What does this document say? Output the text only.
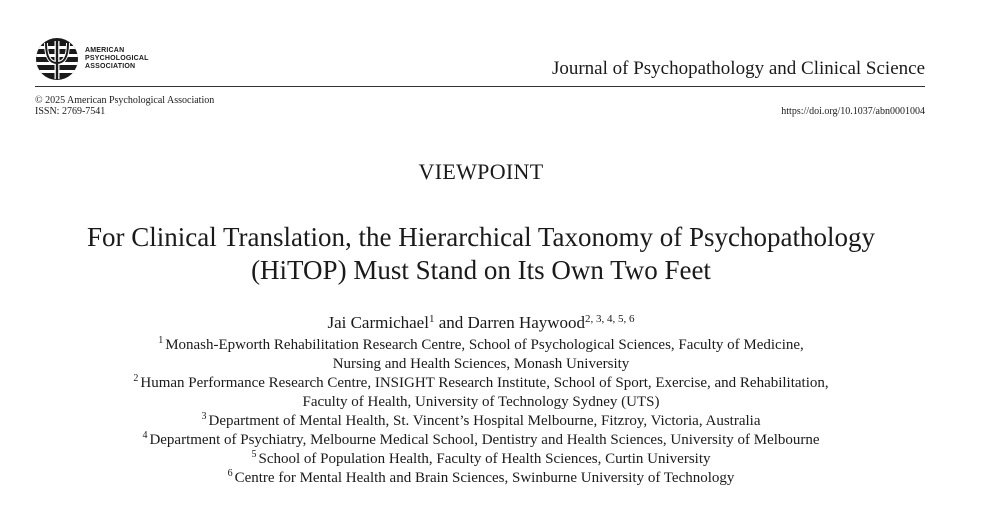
AMERICAN
PSYCHOLOGICAL
ASSOCIATION	Journal of Psychopathology and Clinical Science
© 2025 American Psychological Association
ISSN: 2769-7541	https://doi.org/10.1037/abn0001004
VIEWPOINT
For Clinical Translation, the Hierarchical Taxonomy of Psychopathology
(HiTOP) Must Stand on Its Own Two Feet
Jai Carmichael$^1$ and Darren Haywood$^{2, 3, 4, 5, 6}$
$^1$ Monash-Epworth Rehabilitation Research Centre, School of Psychological Sciences, Faculty of Medicine,
Nursing and Health Sciences, Monash University
$^2$ Human Performance Research Centre, INSIGHT Research Institute, School of Sport, Exercise, and Rehabilitation,
Faculty of Health, University of Technology Sydney (UTS)
$^3$ Department of Mental Health, St. Vincent’s Hospital Melbourne, Fitzroy, Victoria, Australia
$^4$ Department of Psychiatry, Melbourne Medical School, Dentistry and Health Sciences, University of Melbourne
$^5$ School of Population Health, Faculty of Health Sciences, Curtin University
$^6$ Centre for Mental Health and Brain Sciences, Swinburne University of Technology
